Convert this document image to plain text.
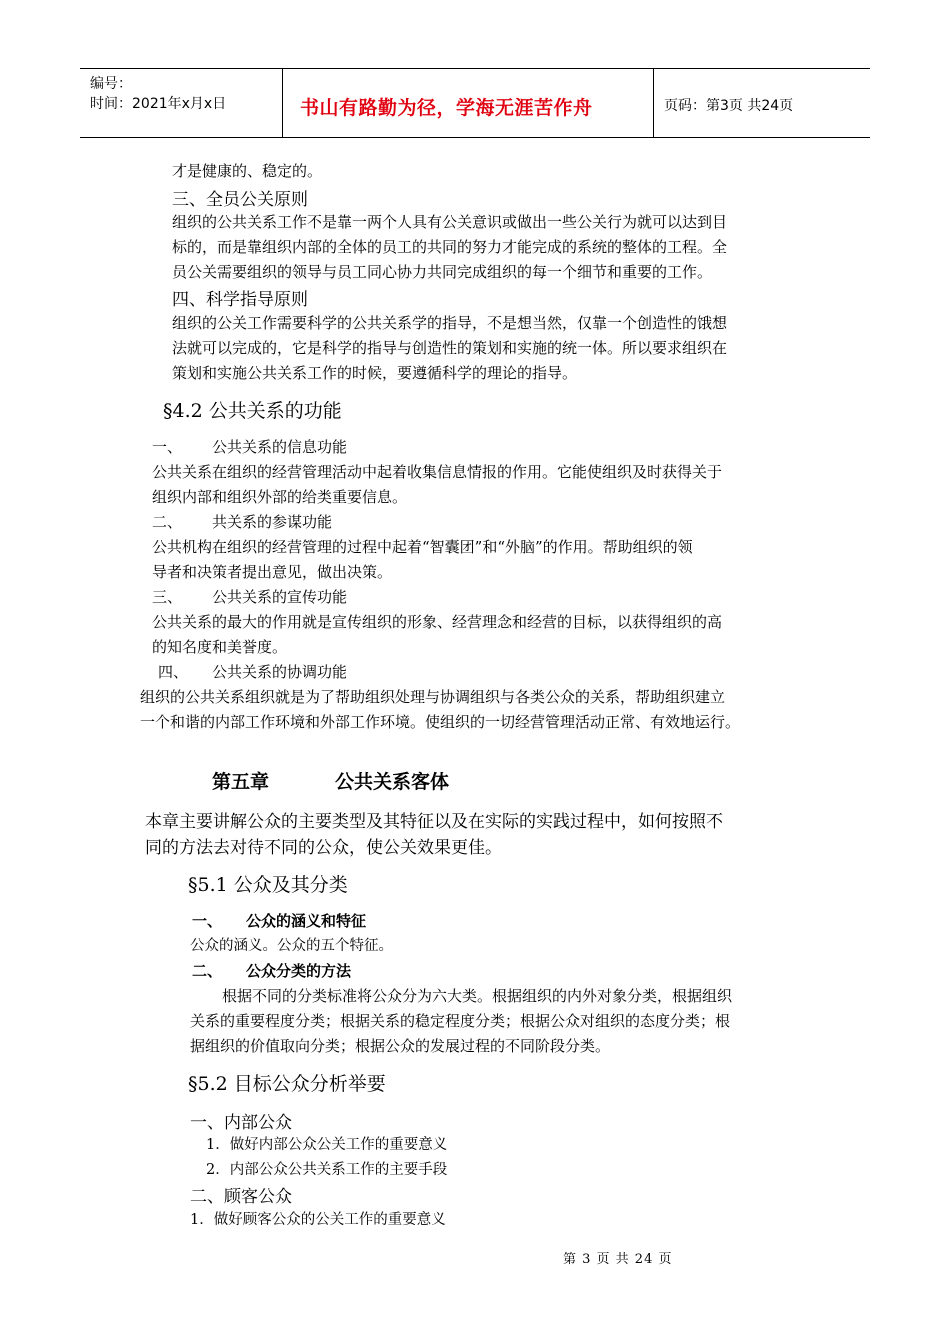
编号：
时间：2021年x月x日	书山有路勤为径，学海无涯苦作舟	页码：第3页 共24页
才是健康的、稳定的。
三、全员公关原则
组织的公共关系工作不是靠一两个人具有公关意识或做出一些公关行为就可以达到目
标的，而是靠组织内部的全体的员工的共同的努力才能完成的系统的整体的工程。全
员公关需要组织的领导与员工同心协力共同完成组织的每一个细节和重要的工作。
四、科学指导原则
组织的公关工作需要科学的公共关系学的指导，不是想当然，仅靠一个创造性的饿想
法就可以完成的，它是科学的指导与创造性的策划和实施的统一体。所以要求组织在
策划和实施公共关系工作的时候，要遵循科学的理论的指导。
§4.2 公共关系的功能
一、 公共关系的信息功能
公共关系在组织的经营管理活动中起着收集信息情报的作用。它能使组织及时获得关于
组织内部和组织外部的给类重要信息。
二、 共关系的参谋功能
公共机构在组织的经营管理的过程中起着“智囊团”和“外脑”的作用。帮助组织的领
导者和决策者提出意见，做出决策。
三、 公共关系的宣传功能
公共关系的最大的作用就是宣传组织的形象、经营理念和经营的目标，以获得组织的高
的知名度和美誉度。
四、 公共关系的协调功能
组织的公共关系组织就是为了帮助组织处理与协调组织与各类公众的关系，帮助组织建立
一个和谐的内部工作环境和外部工作环境。使组织的一切经营管理活动正常、有效地运行。
第五章	公共关系客体
本章主要讲解公众的主要类型及其特征以及在实际的实践过程中，如何按照不
同的方法去对待不同的公众，使公关效果更佳。
§5.1 公众及其分类
一、 公众的涵义和特征
公众的涵义。公众的五个特征。
二、 公众分类的方法
根据不同的分类标准将公众分为六大类。根据组织的内外对象分类，根据组织
关系的重要程度分类；根据关系的稳定程度分类；根据公众对组织的态度分类；根
据组织的价值取向分类；根据公众的发展过程的不同阶段分类。
§5.2 目标公众分析举要
一、内部公众
1．做好内部公众公关工作的重要意义
2．内部公众公共关系工作的主要手段
二、顾客公众
1．做好顾客公众的公关工作的重要意义
第 3 页 共 24 页
